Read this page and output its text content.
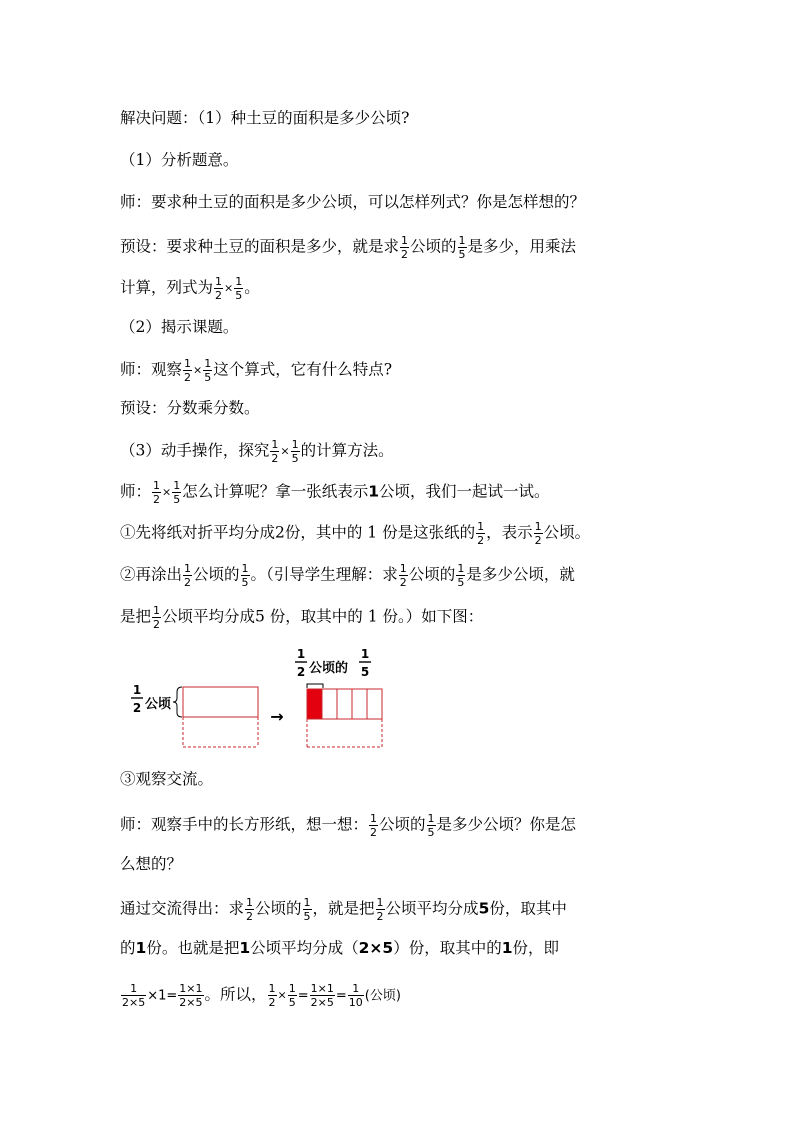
解决问题：（1）种土豆的面积是多少公顷?
（1）分析题意。
师：要求种土豆的面积是多少公顷，可以怎样列式？你是怎样想的？
预设：要求种土豆的面积是多少，就是求 $\frac{1}{2}$ 公顷的 $\frac{1}{5}$ 是多少，用乘法
计算，列式为 $\frac{1}{2} \times \frac{1}{5}$ 。
（2）揭示课题。
师：观察 $\frac{1}{2} \times \frac{1}{5}$ 这个算式，它有什么特点?
预设：分数乘分数。
（3）动手操作，探究 $\frac{1}{2} \times \frac{1}{5}$ 的计算方法。
师： $\frac{1}{2} \times \frac{1}{5}$ 怎么计算呢？拿一张纸表示1公顷，我们一起试一试。
①先将纸对折平均分成2份，其中的 1 份是这张纸的 $\frac{1}{2}$ ，表示 $\frac{1}{2}$ 公顷。
②再涂出 $\frac{1}{2}$ 公顷的 $\frac{1}{5}$ 。（引导学生理解：求 $\frac{1}{2}$ 公顷的 $\frac{1}{5}$ 是多少公顷，就
是把 $\frac{1}{2}$ 公顷平均分成5 份，取其中的 1 份。）如下图：
1
2 公顷
→
1
2 公顷的
1
5
③观察交流。
师：观察手中的长方形纸，想一想： $\frac{1}{2}$ 公顷的 $\frac{1}{5}$ 是多少公顷？你是怎
么想的？
通过交流得出：求 $\frac{1}{2}$ 公顷的 $\frac{1}{5}$ ，就是把 $\frac{1}{2}$ 公顷平均分成5份，取其中
的1份。也就是把1公顷平均分成（2×5）份，取其中的1份，即
$\frac{1}{2\times 5} \times 1= \frac{1\times 1}{2\times 5}$ 。所以， $\frac{1}{2} \times \frac{1}{5} = \frac{1\times 1}{2\times 5} = \frac{1}{10}$ (公顷)
